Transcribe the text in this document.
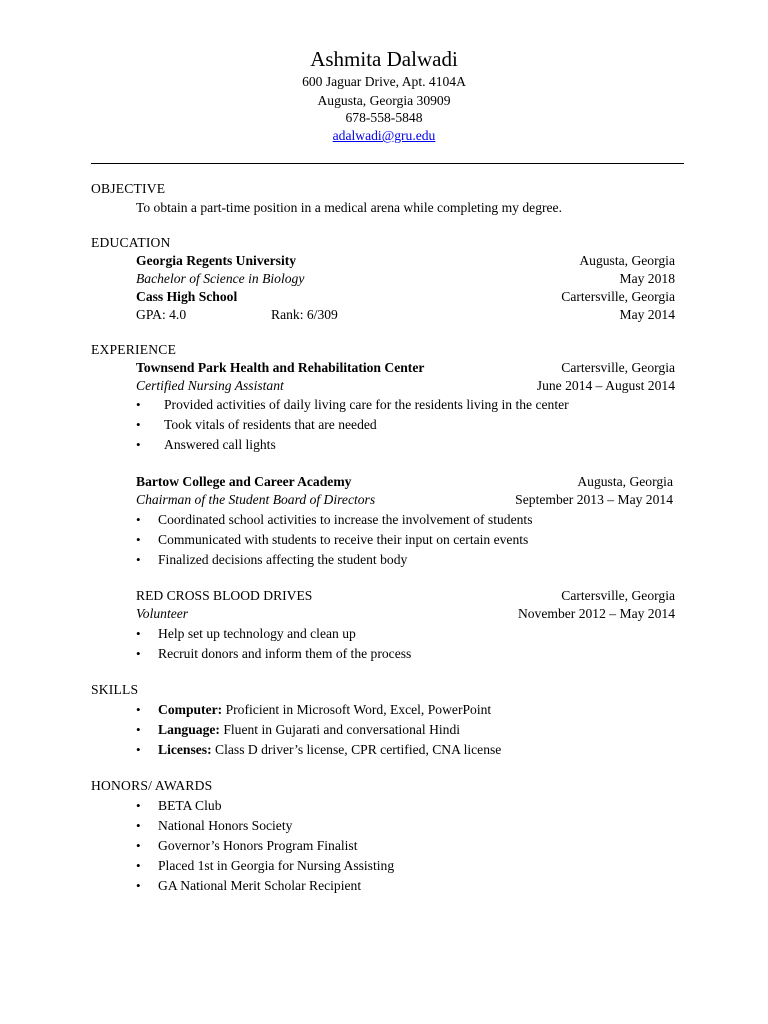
Ashmita Dalwadi
600 Jaguar Drive, Apt. 4104A
Augusta, Georgia 30909
678-558-5848
adalwadi@gru.edu
OBJECTIVE
To obtain a part-time position in a medical arena while completing my degree.
EDUCATION
Georgia Regents University	Augusta, Georgia
Bachelor of Science in Biology	May 2018
Cass High School	Cartersville, Georgia
GPA: 4.0	Rank: 6/309	May 2014
EXPERIENCE
Townsend Park Health and Rehabilitation Center	Cartersville, Georgia
Certified Nursing Assistant	June 2014 – August 2014
• Provided activities of daily living care for the residents living in the center
• Took vitals of residents that are needed
• Answered call lights
Bartow College and Career Academy	Augusta, Georgia
Chairman of the Student Board of Directors	September 2013 – May 2014
• Coordinated school activities to increase the involvement of students
• Communicated with students to receive their input on certain events
• Finalized decisions affecting the student body
RED CROSS BLOOD DRIVES	Cartersville, Georgia
Volunteer	November 2012 – May 2014
• Help set up technology and clean up
• Recruit donors and inform them of the process
SKILLS
• Computer: Proficient in Microsoft Word, Excel, PowerPoint
• Language: Fluent in Gujarati and conversational Hindi
• Licenses: Class D driver’s license, CPR certified, CNA license
HONORS/ AWARDS
• BETA Club
• National Honors Society
• Governor’s Honors Program Finalist
• Placed 1st in Georgia for Nursing Assisting
• GA National Merit Scholar Recipient
